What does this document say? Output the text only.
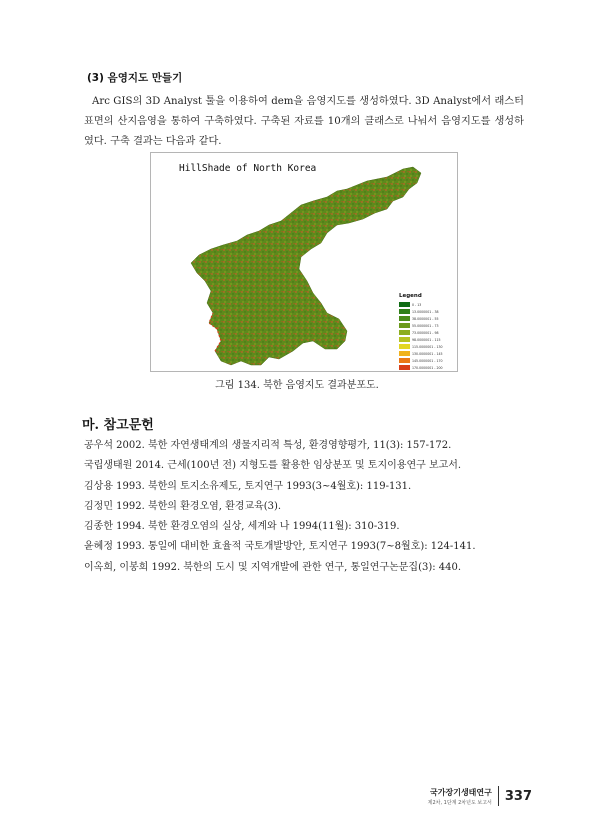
(3) 음영지도 만들기
Arc GIS의 3D Analyst 툴을 이용하여 dem을 음영지도를 생성하였다. 3D Analyst에서 래스터 표면의 산지음영을 통하여 구축하였다. 구축된 자료를 10개의 클래스로 나눠서 음영지도를 생성하였다. 구축 결과는 다음과 같다.
HillShade of North Korea
Legend
0 - 13
13.0000001 - 38
38.0000001 - 55
55.0000001 - 73
73.0000001 - 98
98.0000001 - 115
115.0000001 - 130
130.0000001 - 145
145.0000001 - 170
170.0000001 - 200
그림 134. 북한 음영지도 결과분포도.
마. 참고문헌
공우석 2002. 북한 자연생태계의 생물지리적 특성, 환경영향평가, 11(3): 157-172.
국립생태원 2014. 근세(100년 전) 지형도를 활용한 임상분포 및 토지이용연구 보고서.
김상용 1993. 북한의 토지소유제도, 토지연구 1993(3~4월호): 119-131.
김정민 1992. 북한의 환경오염, 환경교육(3).
김종한 1994. 북한 환경오염의 실상, 세계와 나 1994(11월): 310-319.
윤혜정 1993. 통일에 대비한 효율적 국토개발방안, 토지연구 1993(7~8월호): 124-141.
이옥희, 이봉희 1992. 북한의 도시 및 지역개발에 관한 연구, 통일연구논문집(3): 440.
국가장기생태연구
제2차, 1단계 2차년도 보고서 337
